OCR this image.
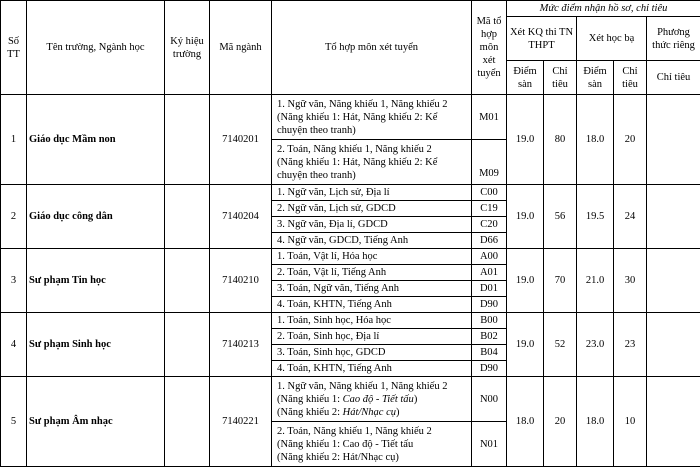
Số TT	Tên trường, Ngành học	Ký hiệu trường	Mã ngành	Tổ hợp môn xét tuyển	Mã tổ hợp môn xét tuyển	Mức điểm nhận hồ sơ, chỉ tiêu				
						Xét KQ thi TN THPT		Xét học bạ		Phương thức riêng
						Điểm sàn	Chỉ tiêu	Điểm sàn	Chỉ tiêu	Chỉ tiêu
1	Giáo dục Mầm non		7140201	1. Ngữ văn, Năng khiếu 1, Năng khiếu 2
(Năng khiếu 1: Hát, Năng khiếu 2: Kể
chuyện theo tranh)	M01	19.0	80	18.0	20	
				2. Toán, Năng khiếu 1, Năng khiếu 2
(Năng khiếu 1: Hát, Năng khiếu 2: Kể
chuyện theo tranh)	M09					
2	Giáo dục công dân		7140204	1. Ngữ văn, Lịch sử, Địa lí	C00	19.0	56	19.5	24	
				2. Ngữ văn, Lịch sử, GDCD	C19					
				3. Ngữ văn, Địa lí, GDCD	C20					
				4. Ngữ văn, GDCD, Tiếng Anh	D66					
3	Sư phạm Tin học		7140210	1. Toán, Vật lí, Hóa học	A00	19.0	70	21.0	30	
				2. Toán, Vật lí, Tiếng Anh	A01					
				3. Toán, Ngữ văn, Tiếng Anh	D01					
				4. Toán, KHTN, Tiếng Anh	D90					
4	Sư phạm Sinh học		7140213	1. Toán, Sinh học, Hóa học	B00	19.0	52	23.0	23	
				2. Toán, Sinh học, Địa lí	B02					
				3. Toán, Sinh học, GDCD	B04					
				4. Toán, KHTN, Tiếng Anh	D90					
5	Sư phạm Âm nhạc		7140221	1. Ngữ văn, Năng khiếu 1, Năng khiếu 2
(Năng khiếu 1: Cao độ - Tiết tấu)
(Năng khiếu 2: Hát/Nhạc cụ)	N00	18.0	20	18.0	10	
				2. Toán, Năng khiếu 1, Năng khiếu 2
(Năng khiếu 1: Cao độ - Tiết tấu
(Năng khiếu 2: Hát/Nhạc cụ)	N01					
